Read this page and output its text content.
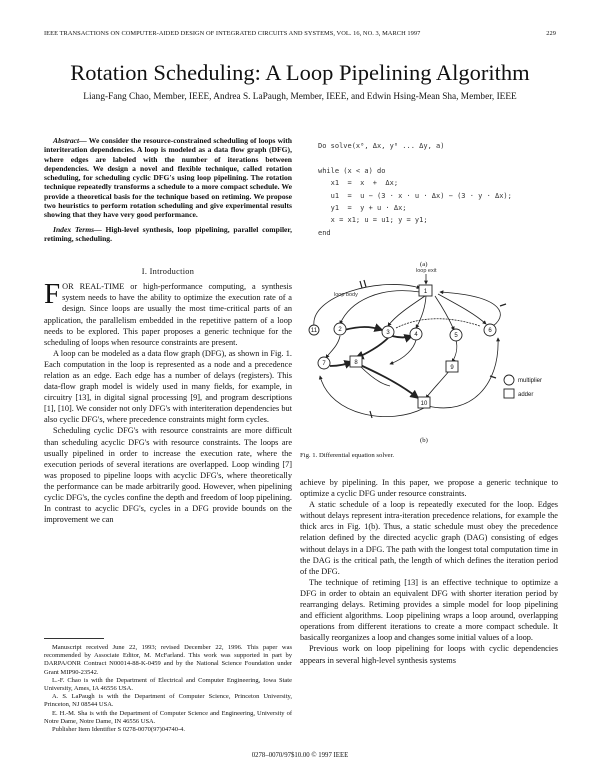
IEEE TRANSACTIONS ON COMPUTER-AIDED DESIGN OF INTEGRATED CIRCUITS AND SYSTEMS, VOL. 16, NO. 3, MARCH 1997	229
Rotation Scheduling: A Loop Pipelining Algorithm
Liang-Fang Chao, Member, IEEE, Andrea S. LaPaugh, Member, IEEE, and Edwin Hsing-Mean Sha, Member, IEEE

Abstract— We consider the resource-constrained scheduling of loops with interiteration dependencies. A loop is modeled as a data flow graph (DFG), where edges are labeled with the number of iterations between dependencies. We design a novel and flexible technique, called rotation scheduling, for scheduling cyclic DFG's using loop pipelining. The rotation technique repeatedly transforms a schedule to a more compact schedule. We provide a theoretical basis for the technique based on retiming. We propose two heuristics to perform rotation scheduling and give experimental results showing that they have very good performance.

Index Terms— High-level synthesis, loop pipelining, parallel compiler, retiming, scheduling.

I. Introduction

FOR REAL-TIME or high-performance computing, a synthesis system needs to have the ability to optimize the execution rate of a design. Since loops are usually the most time-critical parts of an application, the parallelism embedded in the repetitive pattern of a loop needs to be explored. This paper proposes a generic technique for the scheduling of loops when resource constraints are present.

A loop can be modeled as a data flow graph (DFG), as shown in Fig. 1. Each computation in the loop is represented as a node and a precedence relation as an edge. Each edge has a number of delays (registers). This data-flow graph model is widely used in many fields, for example, in circuitry [13], in digital signal processing [9], and program descriptions [1], [10]. We consider not only DFG's with interiteration dependencies but also cyclic DFG's, where precedence constraints might form cycles.

Scheduling cyclic DFG's with resource constraints are more difficult than scheduling acyclic DFG's with resource constraints. The loops are usually pipelined in order to increase the execution rate, where the execution periods of several iterations are overlapped. Loop winding [7] was proposed to pipeline loops with acyclic DFG's, where theoretically the performance can be made arbitrarily good. However, when pipelining cyclic DFG's, the cycles confine the depth and freedom of loop pipelining. In contrast to acyclic DFG's, cycles in a DFG provide bounds on the improvement we can

Manuscript received June 22, 1993; revised December 22, 1996. This paper was recommended by Associate Editor, M. McFarland. This work was supported in part by DARPA/ONR Contract N00014-88-K-0459 and by the National Science Foundation under Grant MIP90-23542.

L.-F. Chao is with the Department of Electrical and Computer Engineering, Iowa State University, Ames, IA 46556 USA.

A. S. LaPaugh is with the Department of Computer Science, Princeton University, Princeton, NJ 08544 USA.

E. H.-M. Sha is with the Department of Computer Science and Engineering, University of Notre Dame, Notre Dame, IN 46556 USA.

Publisher Item Identifier S 0278-0070(97)04740-4.

Do solve(x⁰, Δx, y⁰ ... Δy, a)

while (x < a) do
x1  =  x  +  Δx;
u1  =  u − (3 · x · u · Δx) − (3 · y · Δx);
y1  =  y + u · Δx;
x = x1; u = u1; y = y1;
end
(a)
1
2	3	4	5
6
7	8
9
10
11
loop exit
loop body
multiplier
adder
(b)
Fig. 1. Differential equation solver.

achieve by pipelining. In this paper, we propose a generic technique to optimize a cyclic DFG under resource constraints.

A static schedule of a loop is repeatedly executed for the loop. Edges without delays represent intra-iteration precedence relations, for example the thick arcs in Fig. 1(b). Thus, a static schedule must obey the precedence relation defined by the directed acyclic graph (DAG) consisting of edges without delays in a DFG. The path with the longest total computation time in the DAG is the critical path, the length of which defines the iteration period of the DFG.

The technique of retiming [13] is an effective technique to optimize a DFG in order to obtain an equivalent DFG with shorter iteration period by rearranging delays. Retiming provides a simple model for loop pipelining and efficient algorithms. Loop pipelining wraps a loop around, overlapping operations from different iterations to create a more compact schedule. It basically reorganizes a loop and changes some initial values of a loop.

Previous work on loop pipelining for loops with cyclic dependencies appears in several high-level synthesis systems

0278–0070/97$10.00 © 1997 IEEE
